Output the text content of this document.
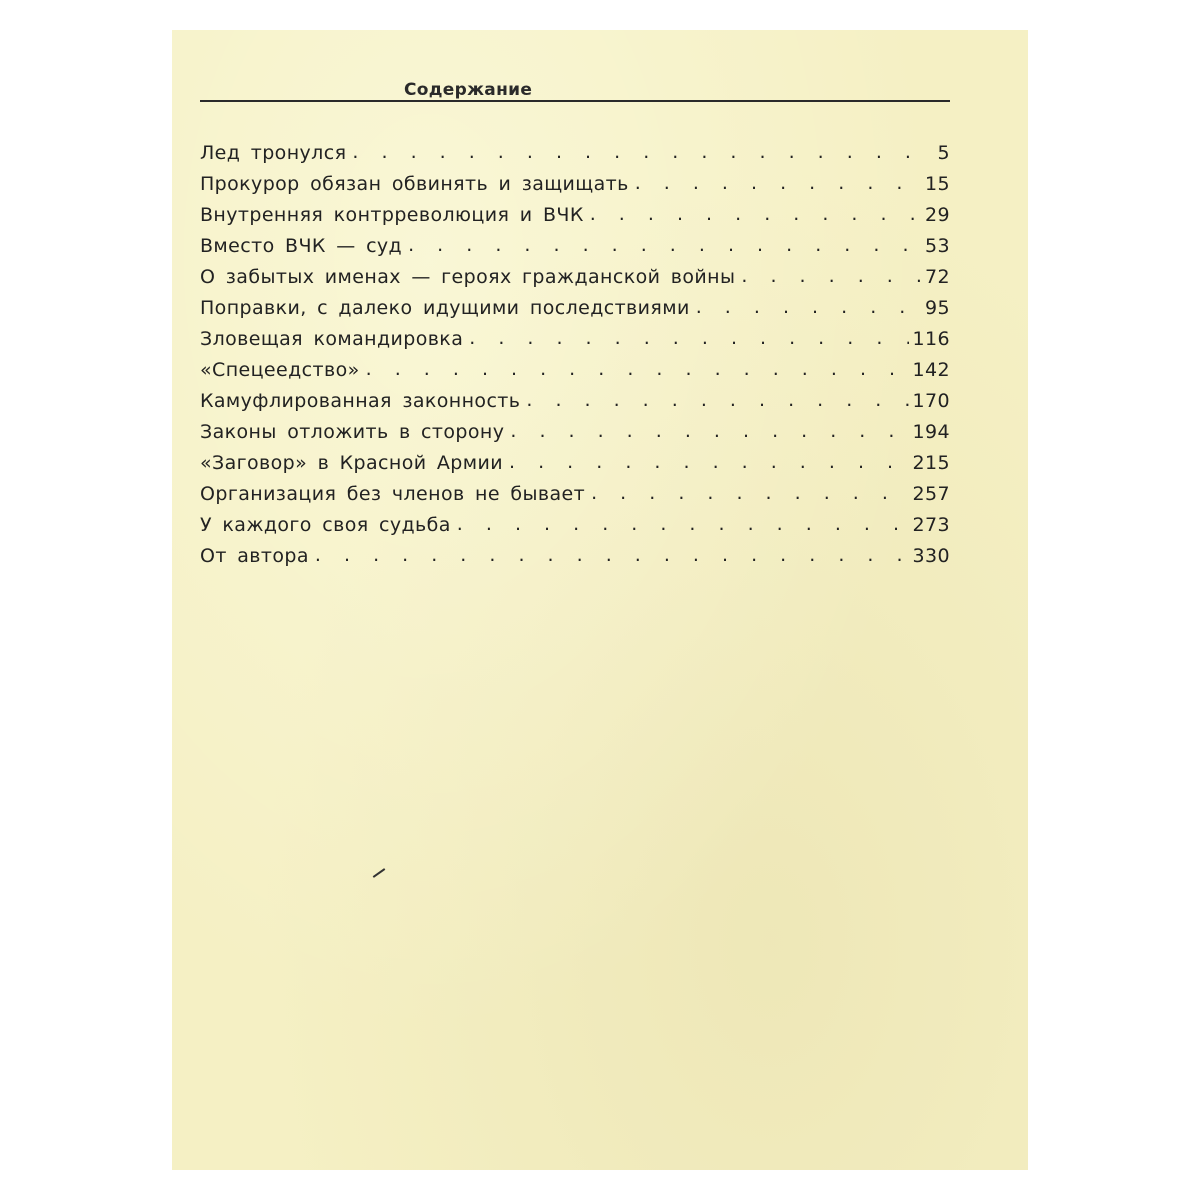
Содержание
Лед тронулся . . .	5
Прокурор обязан обвинять и защищать . . .	15
Внутренняя контрреволюция и ВЧК . . .	29
Вместо ВЧК — суд . . .	53
О забытых именах — героях гражданской войны . . .	72
Поправки, с далеко идущими последствиями . . .	95
Зловещая командировка . . .	116
«Спецеедство» . . .	142
Камуфлированная законность . . .	170
Законы отложить в сторону . . .	194
«Заговор» в Красной Армии . . .	215
Организация без членов не бывает . . .	257
У каждого своя судьба . . .	273
От автора . . .	330
